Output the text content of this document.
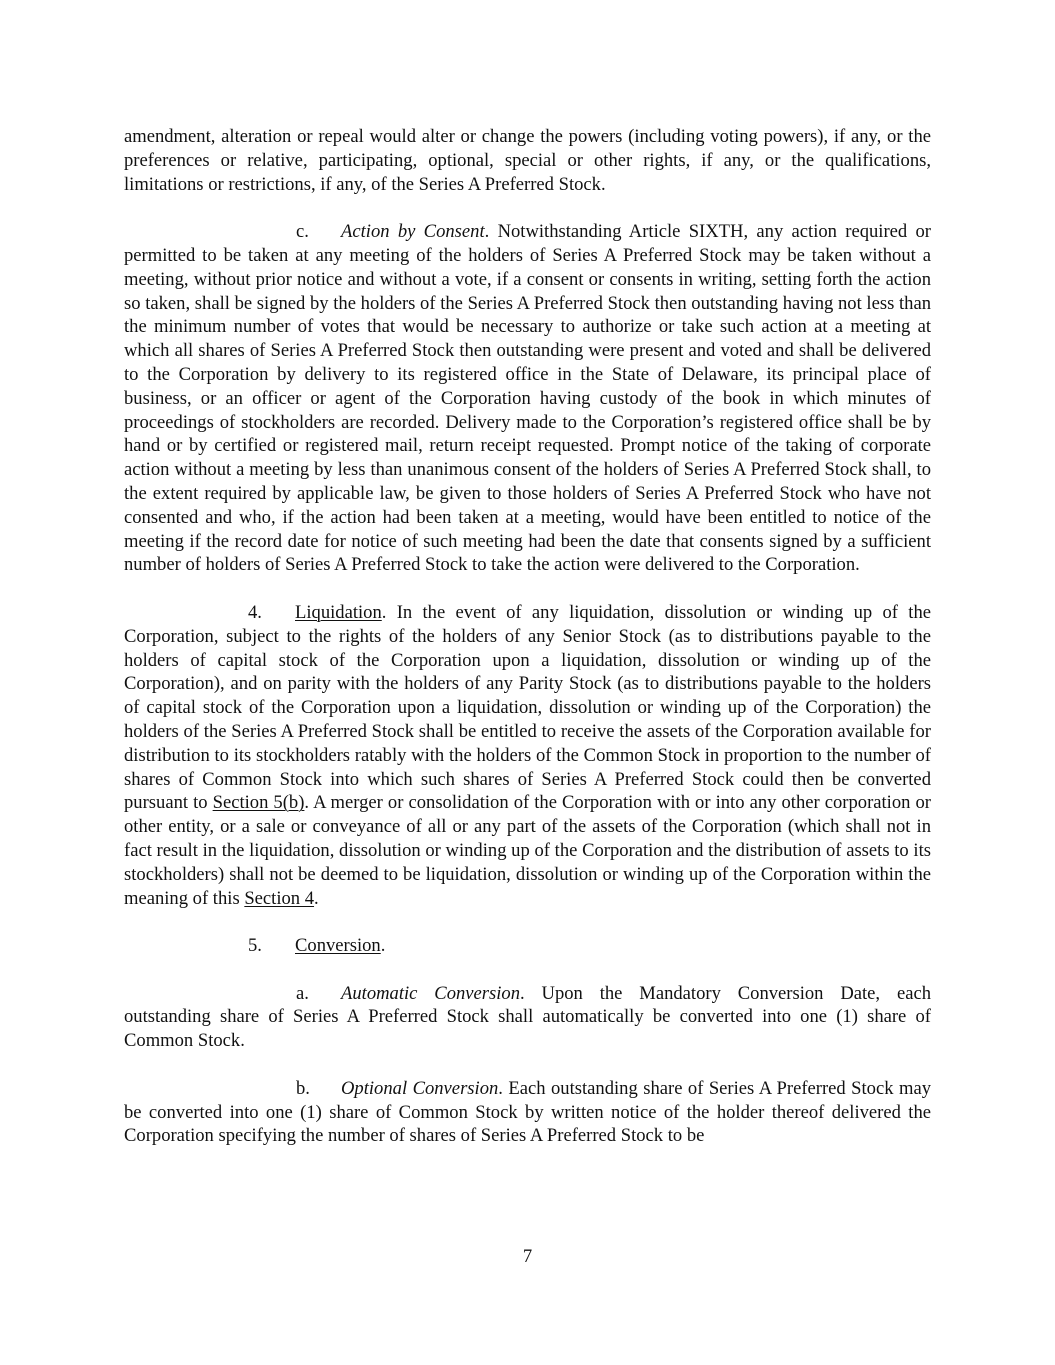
amendment, alteration or repeal would alter or change the powers (including voting powers), if any, or the preferences or relative, participating, optional, special or other rights, if any, or the qualifications, limitations or restrictions, if any, of the Series A Preferred Stock.

c. Action by Consent. Notwithstanding Article SIXTH, any action required or permitted to be taken at any meeting of the holders of Series A Preferred Stock may be taken without a meeting, without prior notice and without a vote, if a consent or consents in writing, setting forth the action so taken, shall be signed by the holders of the Series A Preferred Stock then outstanding having not less than the minimum number of votes that would be necessary to authorize or take such action at a meeting at which all shares of Series A Preferred Stock then outstanding were present and voted and shall be delivered to the Corporation by delivery to its registered office in the State of Delaware, its principal place of business, or an officer or agent of the Corporation having custody of the book in which minutes of proceedings of stockholders are recorded. Delivery made to the Corporation’s registered office shall be by hand or by certified or registered mail, return receipt requested. Prompt notice of the taking of corporate action without a meeting by less than unanimous consent of the holders of Series A Preferred Stock shall, to the extent required by applicable law, be given to those holders of Series A Preferred Stock who have not consented and who, if the action had been taken at a meeting, would have been entitled to notice of the meeting if the record date for notice of such meeting had been the date that consents signed by a sufficient number of holders of Series A Preferred Stock to take the action were delivered to the Corporation.

4. Liquidation. In the event of any liquidation, dissolution or winding up of the Corporation, subject to the rights of the holders of any Senior Stock (as to distributions payable to the holders of capital stock of the Corporation upon a liquidation, dissolution or winding up of the Corporation), and on parity with the holders of any Parity Stock (as to distributions payable to the holders of capital stock of the Corporation upon a liquidation, dissolution or winding up of the Corporation) the holders of the Series A Preferred Stock shall be entitled to receive the assets of the Corporation available for distribution to its stockholders ratably with the holders of the Common Stock in proportion to the number of shares of Common Stock into which such shares of Series A Preferred Stock could then be converted pursuant to Section 5(b). A merger or consolidation of the Corporation with or into any other corporation or other entity, or a sale or conveyance of all or any part of the assets of the Corporation (which shall not in fact result in the liquidation, dissolution or winding up of the Corporation and the distribution of assets to its stockholders) shall not be deemed to be liquidation, dissolution or winding up of the Corporation within the meaning of this Section 4.

5. Conversion.

a. Automatic Conversion. Upon the Mandatory Conversion Date, each outstanding share of Series A Preferred Stock shall automatically be converted into one (1) share of Common Stock.

b. Optional Conversion. Each outstanding share of Series A Preferred Stock may be converted into one (1) share of Common Stock by written notice of the holder thereof delivered the Corporation specifying the number of shares of Series A Preferred Stock to be

7
